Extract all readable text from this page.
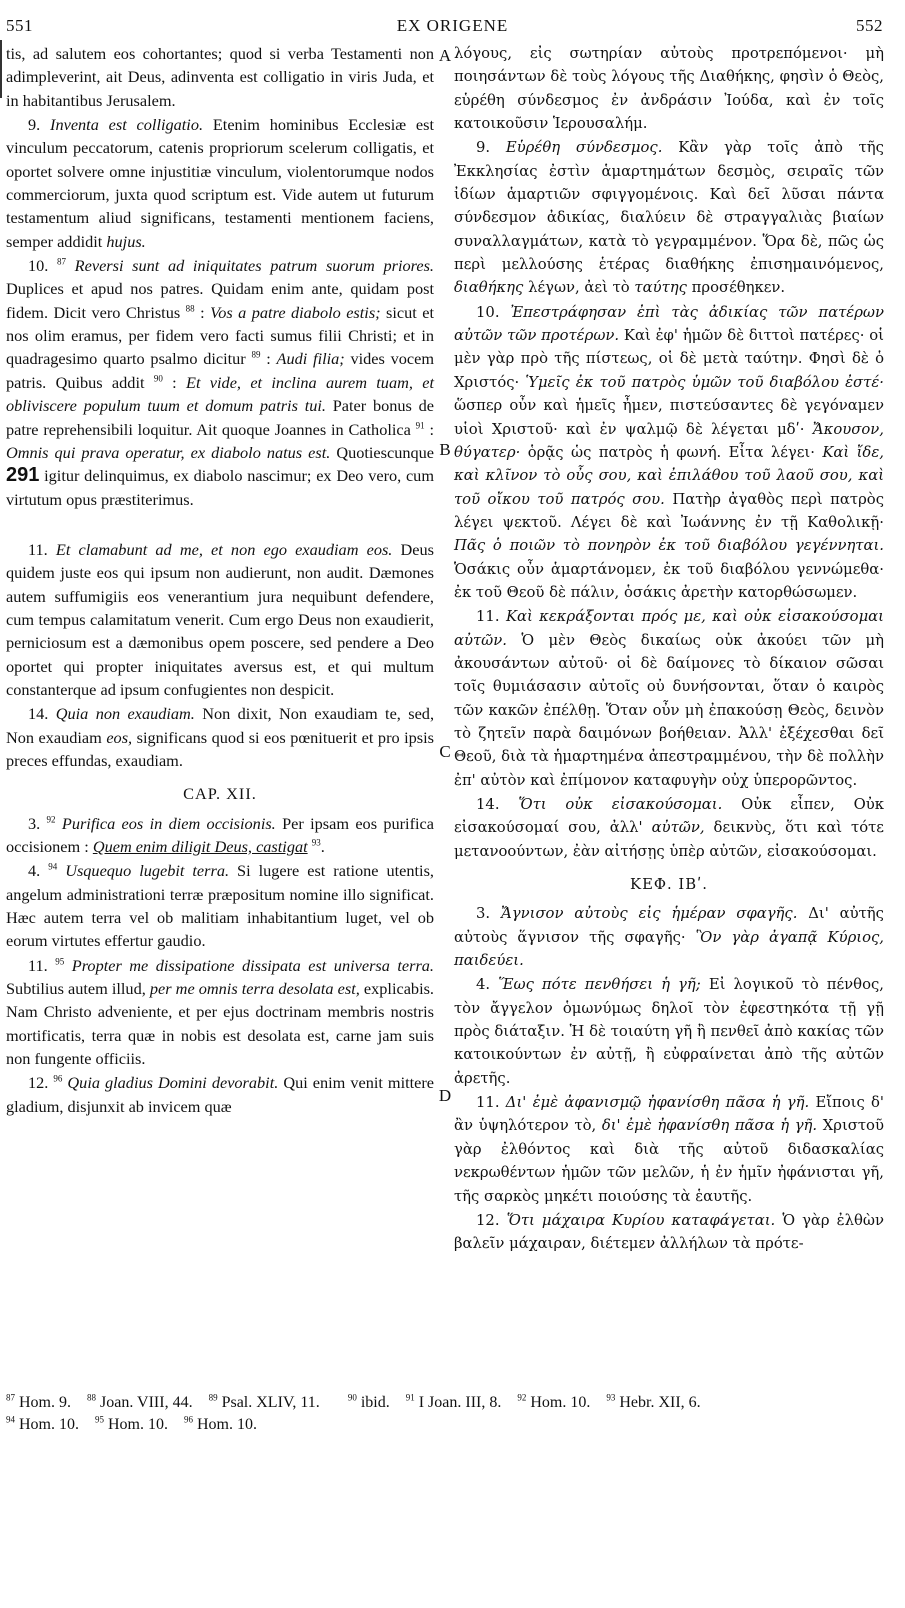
551	EX ORIGENE	552
A
B
C
D

tis, ad salutem eos cohortantes; quod si verba Testamenti non adimpleverint, ait Deus, adinventa est colligatio in viris Juda, et in habitantibus Jerusalem.

9. Inventa est colligatio. Etenim hominibus Ecclesiæ est vinculum peccatorum, catenis propriorum scelerum colligatis, et oportet solvere omne injustitiæ vinculum, violentorumque nodos commerciorum, juxta quod scriptum est. Vide autem ut futurum testamentum aliud significans, testamenti mentionem faciens, semper addidit hujus.

10. $^{87}$ Reversi sunt ad iniquitates patrum suorum priores. Duplices et apud nos patres. Quidam enim ante, quidam post fidem. Dicit vero Christus $^{88}$ : Vos a patre diabolo estis; sicut et nos olim eramus, per fidem vero facti sumus filii Christi; et in quadragesimo quarto psalmo dicitur $^{89}$ : Audi filia; vides vocem patris. Quibus addit $^{90}$ : Et vide, et inclina aurem tuam, et obliviscere populum tuum et domum patris tui. Pater bonus de patre reprehensibili loquitur. Ait quoque Joannes in Catholica $^{91}$ : Omnis qui prava operatur, ex diabolo natus est. Quotiescunque 291 igitur delinquimus, ex diabolo nascimur; ex Deo vero, cum virtutum opus præstiterimus.

11. Et clamabunt ad me, et non ego exaudiam eos. Deus quidem juste eos qui ipsum non audierunt, non audit. Dæmones autem suffumigiis eos venerantium jura nequibunt defendere, cum tempus calamitatum venerit. Cum ergo Deus non exaudierit, perniciosum est a dæmonibus opem poscere, sed pendere a Deo oportet qui propter iniquitates aversus est, et qui multum constanterque ad ipsum confugientes non despicit.

14. Quia non exaudiam. Non dixit, Non exaudiam te, sed, Non exaudiam eos, significans quod si eos pœnituerit et pro ipsis preces effundas, exaudiam.

CAP. XII.

3. $^{92}$ Purifica eos in diem occisionis. Per ipsam eos purifica occisionem : Quem enim diligit Deus, castigat $^{93}$.

4. $^{94}$ Usquequo lugebit terra. Si lugere est ratione utentis, angelum administrationi terræ præpositum nomine illo significat. Hæc autem terra vel ob malitiam inhabitantium luget, vel ob eorum virtutes effertur gaudio.

11. $^{95}$ Propter me dissipatione dissipata est universa terra. Subtilius autem illud, per me omnis terra desolata est, explicabis. Nam Christo adveniente, et per ejus doctrinam membris nostris mortificatis, terra quæ in nobis est desolata est, carne jam suis non fungente officiis.

12. $^{96}$ Quia gladius Domini devorabit. Qui enim venit mittere gladium, disjunxit ab invicem quæ

λόγους, εἰς σωτηρίαν αὐτοὺς προτρεπόμενοι· μὴ ποιησάντων δὲ τοὺς λόγους τῆς Διαθήκης, φησὶν ὁ Θεὸς, εὑρέθη σύνδεσμος ἐν ἀνδράσιν Ἰούδα, καὶ ἐν τοῖς κατοικοῦσιν Ἱερουσαλήμ.

9. Εὑρέθη σύνδεσμος. Κἂν γὰρ τοῖς ἀπὸ τῆς Ἐκκλησίας ἐστὶν ἁμαρτημάτων δεσμὸς, σειραῖς τῶν ἰδίων ἁμαρτιῶν σφιγγομένοις. Καὶ δεῖ λῦσαι πάντα σύνδεσμον ἀδικίας, διαλύειν δὲ στραγγαλιὰς βιαίων συναλλαγμάτων, κατὰ τὸ γεγραμμένον. Ὅρα δὲ, πῶς ὡς περὶ μελλούσης ἑτέρας διαθήκης ἐπισημαινόμενος, διαθήκης λέγων, ἀεὶ τὸ ταύτης προσέθηκεν.

10. Ἐπεστράφησαν ἐπὶ τὰς ἀδικίας τῶν πατέρων αὐτῶν τῶν προτέρων. Καὶ ἐφ' ἡμῶν δὲ διττοὶ πατέρες· οἱ μὲν γὰρ πρὸ τῆς πίστεως, οἱ δὲ μετὰ ταύτην. Φησὶ δὲ ὁ Χριστός· Ὑμεῖς ἐκ τοῦ πατρὸς ὑμῶν τοῦ διαβόλου ἐστέ· ὥσπερ οὖν καὶ ἡμεῖς ἦμεν, πιστεύσαντες δὲ γεγόναμεν υἱοὶ Χριστοῦ· καὶ ἐν ψαλμῷ δὲ λέγεται μδʹ· Ἄκουσον, θύγατερ· ὁρᾷς ὡς πατρὸς ἡ φωνή. Εἶτα λέγει· Καὶ ἴδε, καὶ κλῖνον τὸ οὖς σου, καὶ ἐπιλάθου τοῦ λαοῦ σου, καὶ τοῦ οἴκου τοῦ πατρός σου. Πατὴρ ἀγαθὸς περὶ πατρὸς λέγει ψεκτοῦ. Λέγει δὲ καὶ Ἰωάννης ἐν τῇ Καθολικῇ· Πᾶς ὁ ποιῶν τὸ πονηρὸν ἐκ τοῦ διαβόλου γεγέννηται. Ὁσάκις οὖν ἁμαρτάνομεν, ἐκ τοῦ διαβόλου γεννώμεθα· ἐκ τοῦ Θεοῦ δὲ πάλιν, ὁσάκις ἀρετὴν κατορθώσωμεν.

11. Καὶ κεκράξονται πρός με, καὶ οὐκ εἰσακούσομαι αὐτῶν. Ὁ μὲν Θεὸς δικαίως οὐκ ἀκούει τῶν μὴ ἀκουσάντων αὐτοῦ· οἱ δὲ δαίμονες τὸ δίκαιον σῶσαι τοῖς θυμιάσασιν αὐτοῖς οὐ δυνήσονται, ὅταν ὁ καιρὸς τῶν κακῶν ἐπέλθῃ. Ὅταν οὖν μὴ ἐπακούσῃ Θεὸς, δεινὸν τὸ ζητεῖν παρὰ δαιμόνων βοήθειαν. Ἀλλ' ἐξέχεσθαι δεῖ Θεοῦ, διὰ τὰ ἡμαρτημένα ἀπεστραμμένου, τὴν δὲ πολλὴν ἐπ' αὐτὸν καὶ ἐπίμονον καταφυγὴν οὐχ ὑπερορῶντος.

14. Ὅτι οὐκ εἰσακούσομαι. Οὐκ εἶπεν, Οὐκ εἰσακούσομαί σου, ἀλλ' αὐτῶν, δεικνὺς, ὅτι καὶ τότε μετανοούντων, ἐὰν αἰτήσῃς ὑπὲρ αὐτῶν, εἰσακούσομαι.

ΚΕΦ. ΙΒʹ.

3. Ἄγνισον αὐτοὺς εἰς ἡμέραν σφαγῆς. Δι' αὐτῆς αὐτοὺς ἅγνισον τῆς σφαγῆς· Ὃν γὰρ ἀγαπᾷ Κύριος, παιδεύει.

4. Ἕως πότε πενθήσει ἡ γῆ; Εἰ λογικοῦ τὸ πένθος, τὸν ἄγγελον ὁμωνύμως δηλοῖ τὸν ἐφεστηκότα τῇ γῇ πρὸς διάταξιν. Ἡ δὲ τοιαύτη γῆ ἢ πενθεῖ ἀπὸ κακίας τῶν κατοικούντων ἐν αὐτῇ, ἢ εὐφραίνεται ἀπὸ τῆς αὐτῶν ἀρετῆς.

11. Δι' ἐμὲ ἀφανισμῷ ἠφανίσθη πᾶσα ἡ γῆ. Εἴποις δ' ἂν ὑψηλότερον τὸ, δι' ἐμὲ ἠφανίσθη πᾶσα ἡ γῆ. Χριστοῦ γὰρ ἐλθόντος καὶ διὰ τῆς αὐτοῦ διδασκαλίας νεκρωθέντων ἡμῶν τῶν μελῶν, ἡ ἐν ἡμῖν ἠφάνισται γῆ, τῆς σαρκὸς μηκέτι ποιούσης τὰ ἑαυτῆς.

12. Ὅτι μάχαιρα Κυρίου καταφάγεται. Ὁ γὰρ ἐλθὼν βαλεῖν μάχαιραν, διέτεμεν ἀλλήλων τὰ πρότε-

$^{87}$ Hom. 9. $^{88}$ Joan. VIII, 44. $^{89}$ Psal. XLIV, 11.	$^{90}$ ibid. $^{91}$ I Joan. III, 8. $^{92}$ Hom. 10. $^{93}$ Hebr. XII, 6.
$^{94}$ Hom. 10. $^{95}$ Hom. 10. $^{96}$ Hom. 10.
